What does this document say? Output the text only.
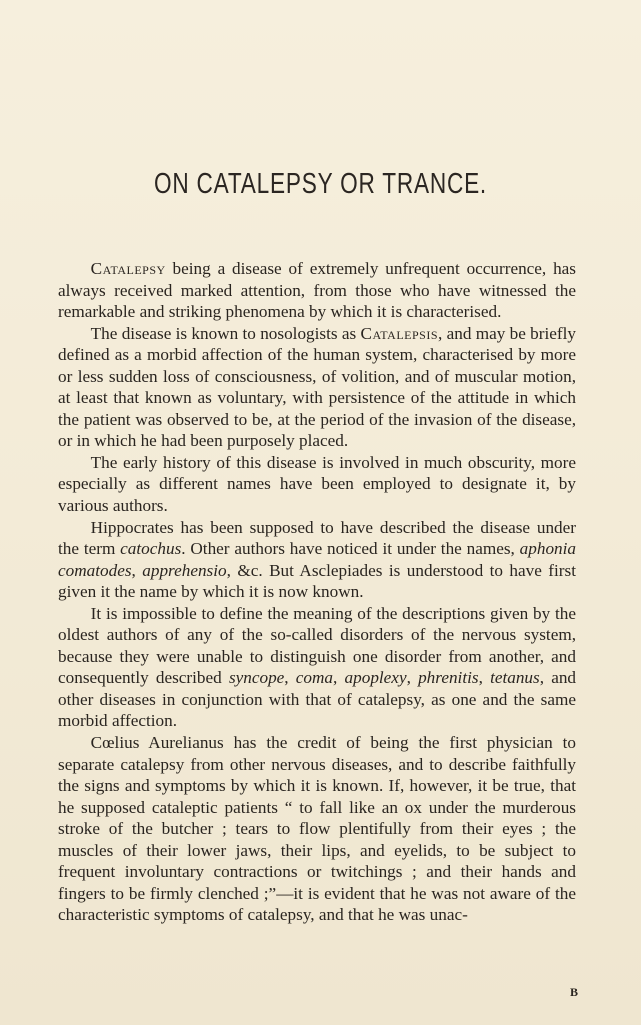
ON CATALEPSY OR TRANCE.

Catalepsy being a disease of extremely unfrequent occurrence, has always received marked attention, from those who have witnessed the remarkable and striking phenomena by which it is characterised.

The disease is known to nosologists as Catalepsis, and may be briefly defined as a morbid affection of the human system, characterised by more or less sudden loss of consciousness, of volition, and of muscular motion, at least that known as voluntary, with persistence of the attitude in which the patient was observed to be, at the period of the invasion of the disease, or in which he had been purposely placed.

The early history of this disease is involved in much obscurity, more especially as different names have been employed to designate it, by various authors.

Hippocrates has been supposed to have described the disease under the term catochus. Other authors have noticed it under the names, aphonia comatodes, apprehensio, &c. But Asclepiades is understood to have first given it the name by which it is now known.

It is impossible to define the meaning of the descriptions given by the oldest authors of any of the so-called disorders of the nervous system, because they were unable to distinguish one disorder from another, and consequently described syncope, coma, apoplexy, phrenitis, tetanus, and other diseases in conjunction with that of catalepsy, as one and the same morbid affection.

Cœlius Aurelianus has the credit of being the first physician to separate catalepsy from other nervous diseases, and to describe faithfully the signs and symptoms by which it is known. If, however, it be true, that he supposed cataleptic patients “ to fall like an ox under the murderous stroke of the butcher ; tears to flow plentifully from their eyes ; the muscles of their lower jaws, their lips, and eyelids, to be subject to frequent involuntary contractions or twitchings ; and their hands and fingers to be firmly clenched ;”—it is evident that he was not aware of the characteristic symptoms of catalepsy, and that he was unac-

B
